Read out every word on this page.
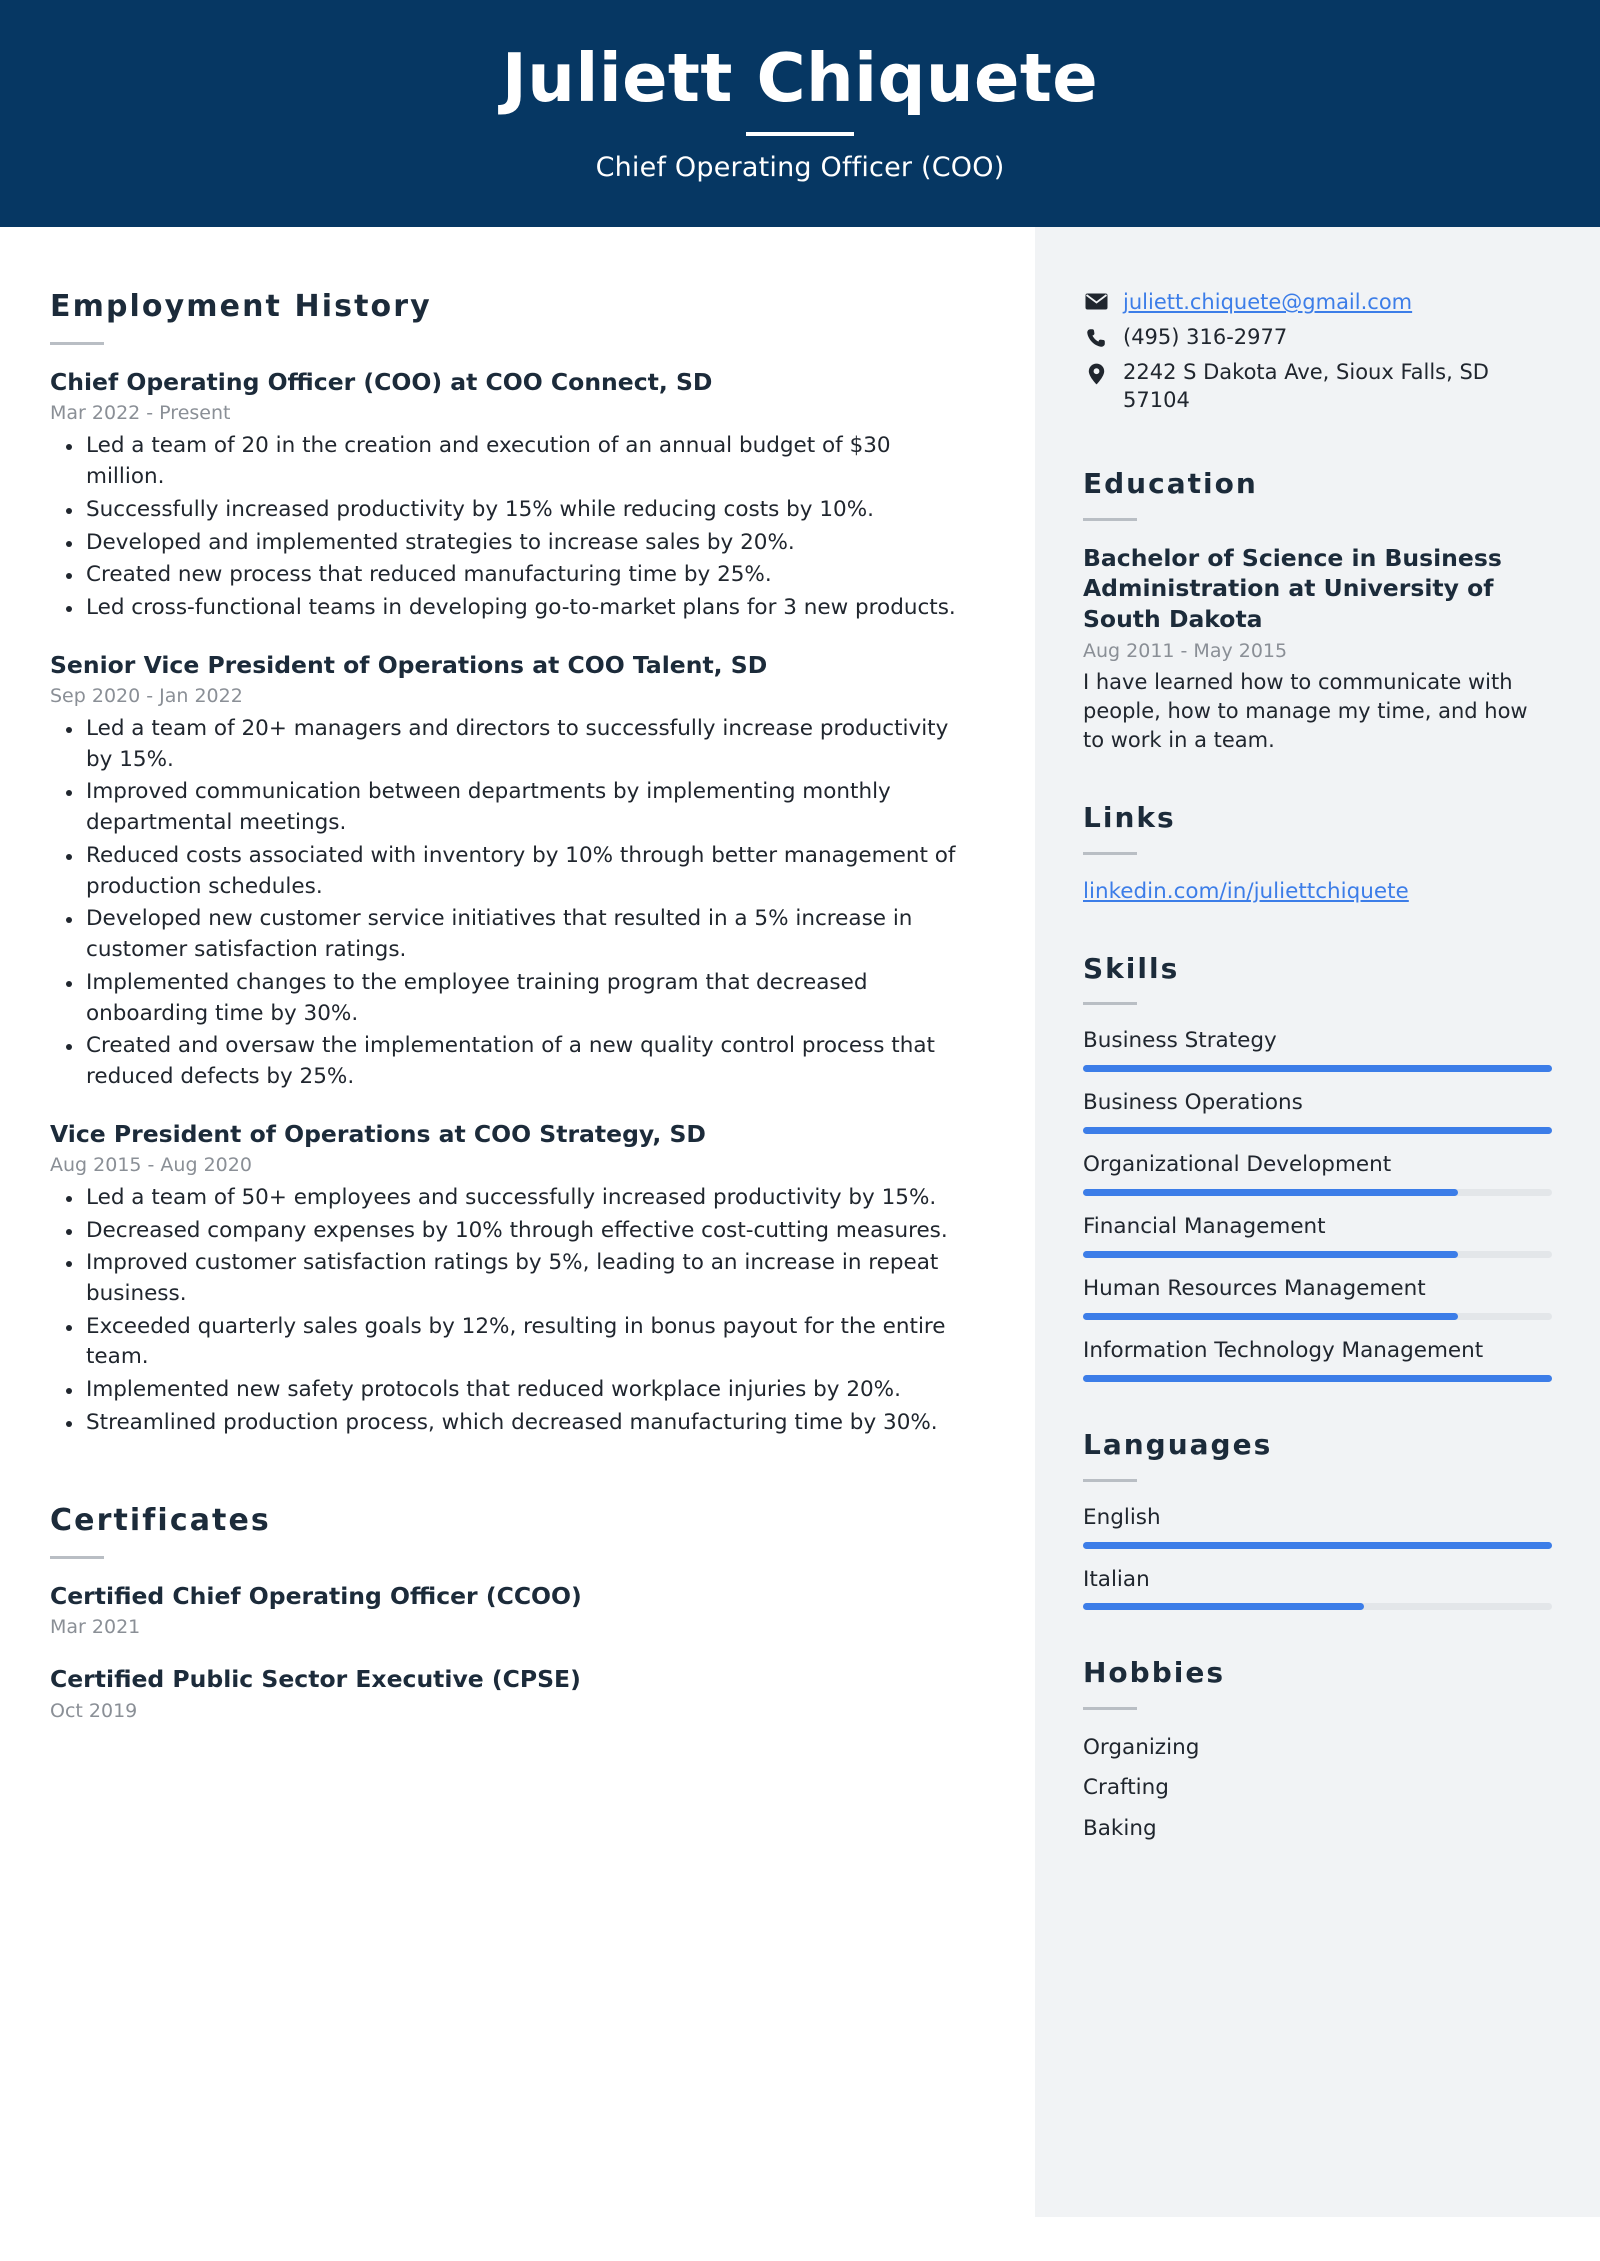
Juliett Chiquete
Chief Operating Officer (COO)
Employment History
Chief Operating Officer (COO) at COO Connect, SD
Mar 2022 - Present
Led a team of 20 in the creation and execution of an annual budget of $30 million.
Successfully increased productivity by 15% while reducing costs by 10%.
Developed and implemented strategies to increase sales by 20%.
Created new process that reduced manufacturing time by 25%.
Led cross-functional teams in developing go-to-market plans for 3 new products.
Senior Vice President of Operations at COO Talent, SD
Sep 2020 - Jan 2022
Led a team of 20+ managers and directors to successfully increase productivity by 15%.
Improved communication between departments by implementing monthly departmental meetings.
Reduced costs associated with inventory by 10% through better management of production schedules.
Developed new customer service initiatives that resulted in a 5% increase in customer satisfaction ratings.
Implemented changes to the employee training program that decreased onboarding time by 30%.
Created and oversaw the implementation of a new quality control process that reduced defects by 25%.
Vice President of Operations at COO Strategy, SD
Aug 2015 - Aug 2020
Led a team of 50+ employees and successfully increased productivity by 15%.
Decreased company expenses by 10% through effective cost-cutting measures.
Improved customer satisfaction ratings by 5%, leading to an increase in repeat business.
Exceeded quarterly sales goals by 12%, resulting in bonus payout for the entire team.
Implemented new safety protocols that reduced workplace injuries by 20%.
Streamlined production process, which decreased manufacturing time by 30%.
Certificates
Certified Chief Operating Officer (CCOO)
Mar 2021
Certified Public Sector Executive (CPSE)
Oct 2019
juliett.chiquete@gmail.com
(495) 316-2977
2242 S Dakota Ave, Sioux Falls, SD 57104
Education
Bachelor of Science in Business Administration at University of South Dakota
Aug 2011 - May 2015
I have learned how to communicate with people, how to manage my time, and how to work in a team.
Links
linkedin.com/in/juliettchiquete
Skills
Business Strategy
Business Operations
Organizational Development
Financial Management
Human Resources Management
Information Technology Management
Languages
English
Italian
Hobbies
Organizing
Crafting
Baking
